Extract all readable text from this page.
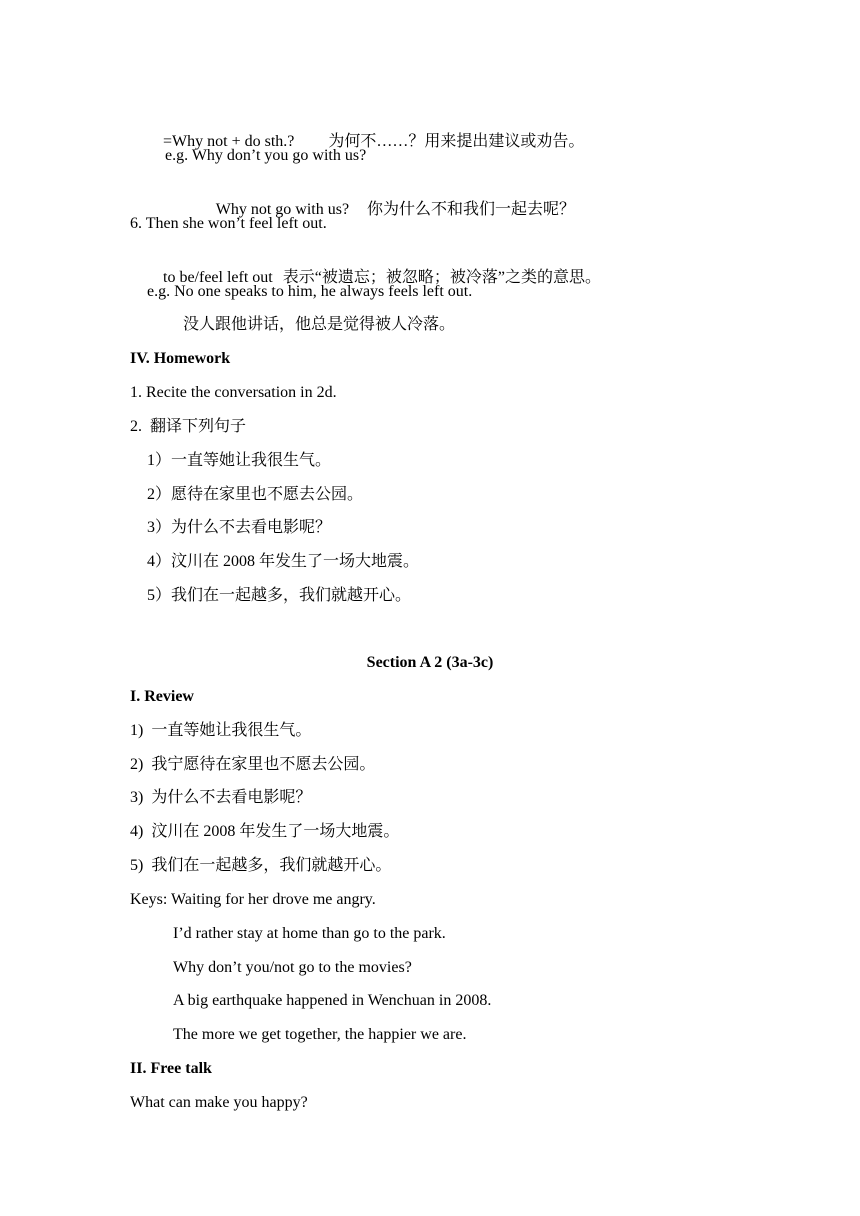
=Why not + do sth.? 为何不……？用来提出建议或劝告。

e.g. Why don’t you go with us?

Why not go with us? 你为什么不和我们一起去呢？

6. Then she won’t feel left out.

to be/feel left out 表示“被遗忘；被忽略；被冷落”之类的意思。

e.g. No one speaks to him, he always feels left out.
没人跟他讲话，他总是觉得被人冷落。
IV. Homework
1. Recite the conversation in 2d.
2.  翻译下列句子
1）一直等她让我很生气。
2）愿待在家里也不愿去公园。
3）为什么不去看电影呢？
4）汶川在 2008 年发生了一场大地震。
5）我们在一起越多，我们就越开心。
Section A 2 (3a-3c)
I. Review
1)  一直等她让我很生气。
2)  我宁愿待在家里也不愿去公园。
3)  为什么不去看电影呢？
4)  汶川在 2008 年发生了一场大地震。
5)  我们在一起越多，我们就越开心。
Keys: Waiting for her drove me angry.
I’d rather stay at home than go to the park.
Why don’t you/not go to the movies?
A big earthquake happened in Wenchuan in 2008.
The more we get together, the happier we are.
II. Free talk
What can make you happy?
